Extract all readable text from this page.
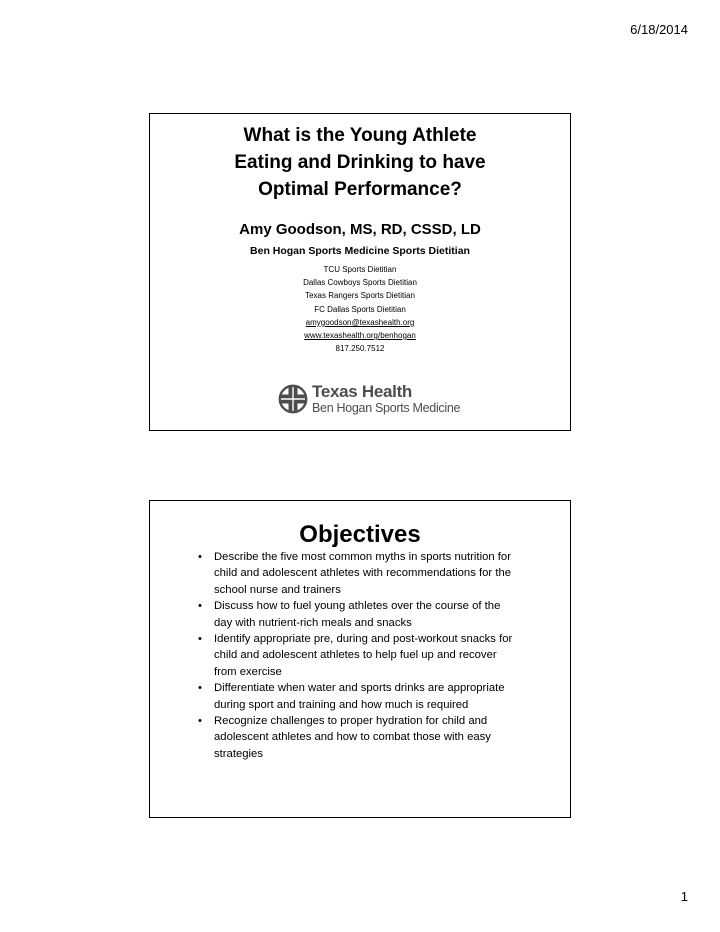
6/18/2014
What is the Young Athlete
Eating and Drinking to have
Optimal Performance?
Amy Goodson, MS, RD, CSSD, LD
Ben Hogan Sports Medicine Sports Dietitian
TCU Sports Dietitian
Dallas Cowboys Sports Dietitian
Texas Rangers Sports Dietitian
FC Dallas Sports Dietitian
amygoodson@texashealth.org
www.texashealth.org/benhogan
817.250.7512
Texas Health
Ben Hogan Sports Medicine
Objectives
• Describe the five most common myths in sports nutrition for child and adolescent athletes with recommendations for the school nurse and trainers
• Discuss how to fuel young athletes over the course of the day with nutrient-rich meals and snacks
• Identify appropriate pre, during and post-workout snacks for child and adolescent athletes to help fuel up and recover from exercise
• Differentiate when water and sports drinks are appropriate during sport and training and how much is required
• Recognize challenges to proper hydration for child and adolescent athletes and how to combat those with easy strategies
1
